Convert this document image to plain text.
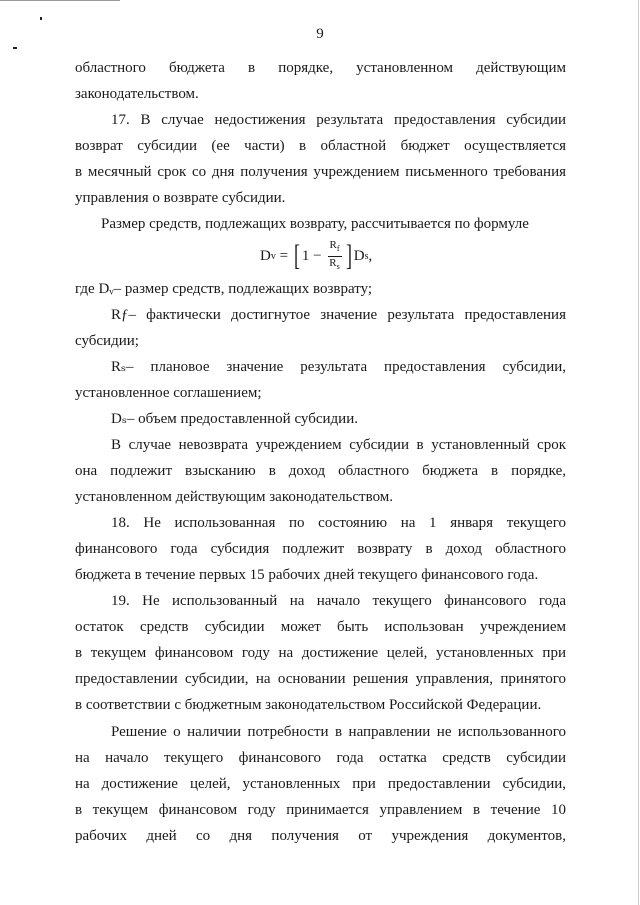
9
областного бюджета в порядке, установленном действующим
законодательством.
17. В случае недостижения результата предоставления субсидии
возврат субсидии (ее части) в областной бюджет осуществляется
в месячный срок со дня получения учреждением письменного требования
управления о возврате субсидии.
Размер средств, подлежащих возврату, рассчитывается по формуле
D v = [ $1 - \frac{R_f}{R_s}$ ] D s ,
где Dᵥ– размер средств, подлежащих возврату;
Rƒ– фактически достигнутое значение результата предоставления
субсидии;
Rₛ– плановое значение результата предоставления субсидии,
установленное соглашением;
Dₛ– объем предоставленной субсидии.
В случае невозврата учреждением субсидии в установленный срок
она подлежит взысканию в доход областного бюджета в порядке,
установленном действующим законодательством.
18. Не использованная по состоянию на 1 января текущего
финансового года субсидия подлежит возврату в доход областного
бюджета в течение первых 15 рабочих дней текущего финансового года.
19. Не использованный на начало текущего финансового года
остаток средств субсидии может быть использован учреждением
в текущем финансовом году на достижение целей, установленных при
предоставлении субсидии, на основании решения управления, принятого
в соответствии с бюджетным законодательством Российской Федерации.
Решение о наличии потребности в направлении не использованного
на начало текущего финансового года остатка средств субсидии
на достижение целей, установленных при предоставлении субсидии,
в текущем финансовом году принимается управлением в течение 10
рабочих дней со дня получения от учреждения документов,
